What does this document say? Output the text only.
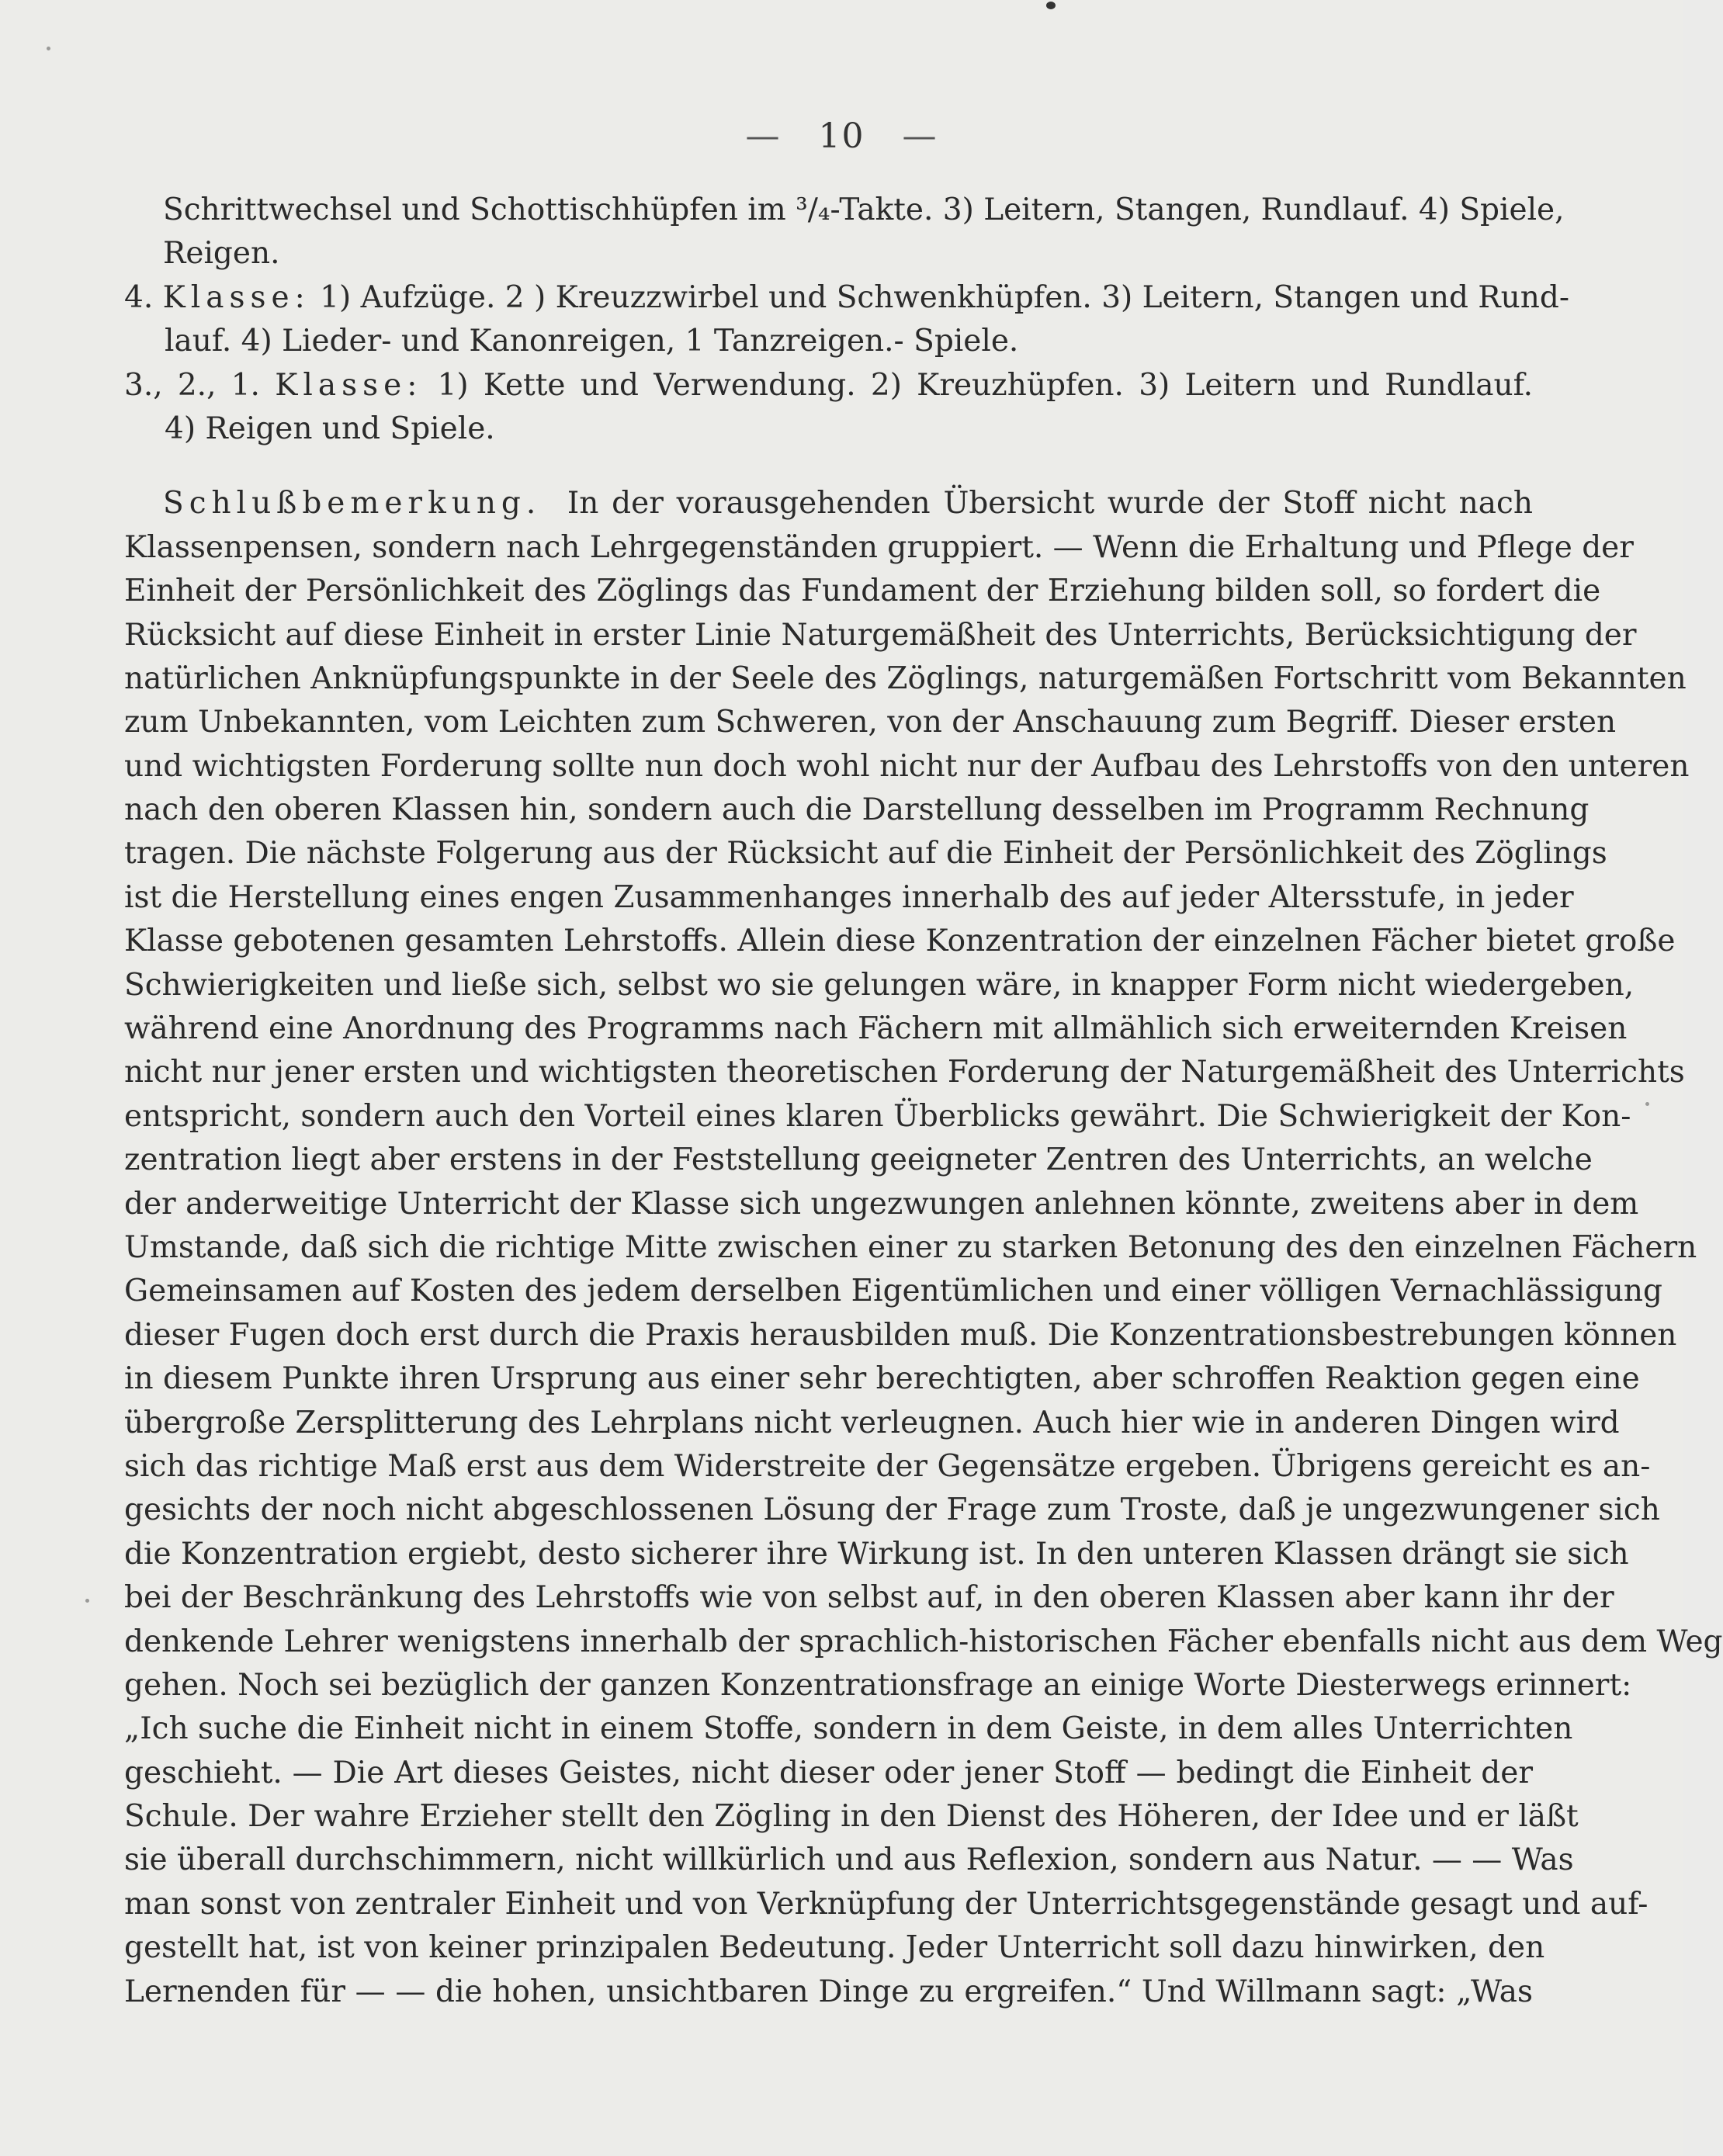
— 10 —
Schrittwechsel und Schottischhüpfen im ³/₄-Takte. 3) Leitern, Stangen, Rundlauf. 4) Spiele,
Reigen.
4. Klasse: 1) Aufzüge. 2 ) Kreuzzwirbel und Schwenkhüpfen. 3) Leitern, Stangen und Rund-
lauf. 4) Lieder- und Kanonreigen, 1 Tanzreigen.- Spiele.
3., 2., 1. Klasse: 1) Kette und Verwendung. 2) Kreuzhüpfen. 3) Leitern und Rundlauf.
4) Reigen und Spiele.
Schlußbemerkung. In der vorausgehenden Übersicht wurde der Stoff nicht nach
Klassenpensen, sondern nach Lehrgegenständen gruppiert. — Wenn die Erhaltung und Pflege der
Einheit der Persönlichkeit des Zöglings das Fundament der Erziehung bilden soll, so fordert die
Rücksicht auf diese Einheit in erster Linie Naturgemäßheit des Unterrichts, Berücksichtigung der
natürlichen Anknüpfungspunkte in der Seele des Zöglings, naturgemäßen Fortschritt vom Bekannten
zum Unbekannten, vom Leichten zum Schweren, von der Anschauung zum Begriff. Dieser ersten
und wichtigsten Forderung sollte nun doch wohl nicht nur der Aufbau des Lehrstoffs von den unteren
nach den oberen Klassen hin, sondern auch die Darstellung desselben im Programm Rechnung
tragen. Die nächste Folgerung aus der Rücksicht auf die Einheit der Persönlichkeit des Zöglings
ist die Herstellung eines engen Zusammenhanges innerhalb des auf jeder Altersstufe, in jeder
Klasse gebotenen gesamten Lehrstoffs. Allein diese Konzentration der einzelnen Fächer bietet große
Schwierigkeiten und ließe sich, selbst wo sie gelungen wäre, in knapper Form nicht wiedergeben,
während eine Anordnung des Programms nach Fächern mit allmählich sich erweiternden Kreisen
nicht nur jener ersten und wichtigsten theoretischen Forderung der Naturgemäßheit des Unterrichts
entspricht, sondern auch den Vorteil eines klaren Überblicks gewährt. Die Schwierigkeit der Kon-
zentration liegt aber erstens in der Feststellung geeigneter Zentren des Unterrichts, an welche
der anderweitige Unterricht der Klasse sich ungezwungen anlehnen könnte, zweitens aber in dem
Umstande, daß sich die richtige Mitte zwischen einer zu starken Betonung des den einzelnen Fächern
Gemeinsamen auf Kosten des jedem derselben Eigentümlichen und einer völligen Vernachlässigung
dieser Fugen doch erst durch die Praxis herausbilden muß. Die Konzentrationsbestrebungen können
in diesem Punkte ihren Ursprung aus einer sehr berechtigten, aber schroffen Reaktion gegen eine
übergroße Zersplitterung des Lehrplans nicht verleugnen. Auch hier wie in anderen Dingen wird
sich das richtige Maß erst aus dem Widerstreite der Gegensätze ergeben. Übrigens gereicht es an-
gesichts der noch nicht abgeschlossenen Lösung der Frage zum Troste, daß je ungezwungener sich
die Konzentration ergiebt, desto sicherer ihre Wirkung ist. In den unteren Klassen drängt sie sich
bei der Beschränkung des Lehrstoffs wie von selbst auf, in den oberen Klassen aber kann ihr der
denkende Lehrer wenigstens innerhalb der sprachlich-historischen Fächer ebenfalls nicht aus dem Weg
gehen. Noch sei bezüglich der ganzen Konzentrationsfrage an einige Worte Diesterwegs erinnert:
„Ich suche die Einheit nicht in einem Stoffe, sondern in dem Geiste, in dem alles Unterrichten
geschieht. — Die Art dieses Geistes, nicht dieser oder jener Stoff — bedingt die Einheit der
Schule. Der wahre Erzieher stellt den Zögling in den Dienst des Höheren, der Idee und er läßt
sie überall durchschimmern, nicht willkürlich und aus Reflexion, sondern aus Natur. — — Was
man sonst von zentraler Einheit und von Verknüpfung der Unterrichtsgegenstände gesagt und auf-
gestellt hat, ist von keiner prinzipalen Bedeutung. Jeder Unterricht soll dazu hinwirken, den
Lernenden für — — die hohen, unsichtbaren Dinge zu ergreifen.“ Und Willmann sagt: „Was
